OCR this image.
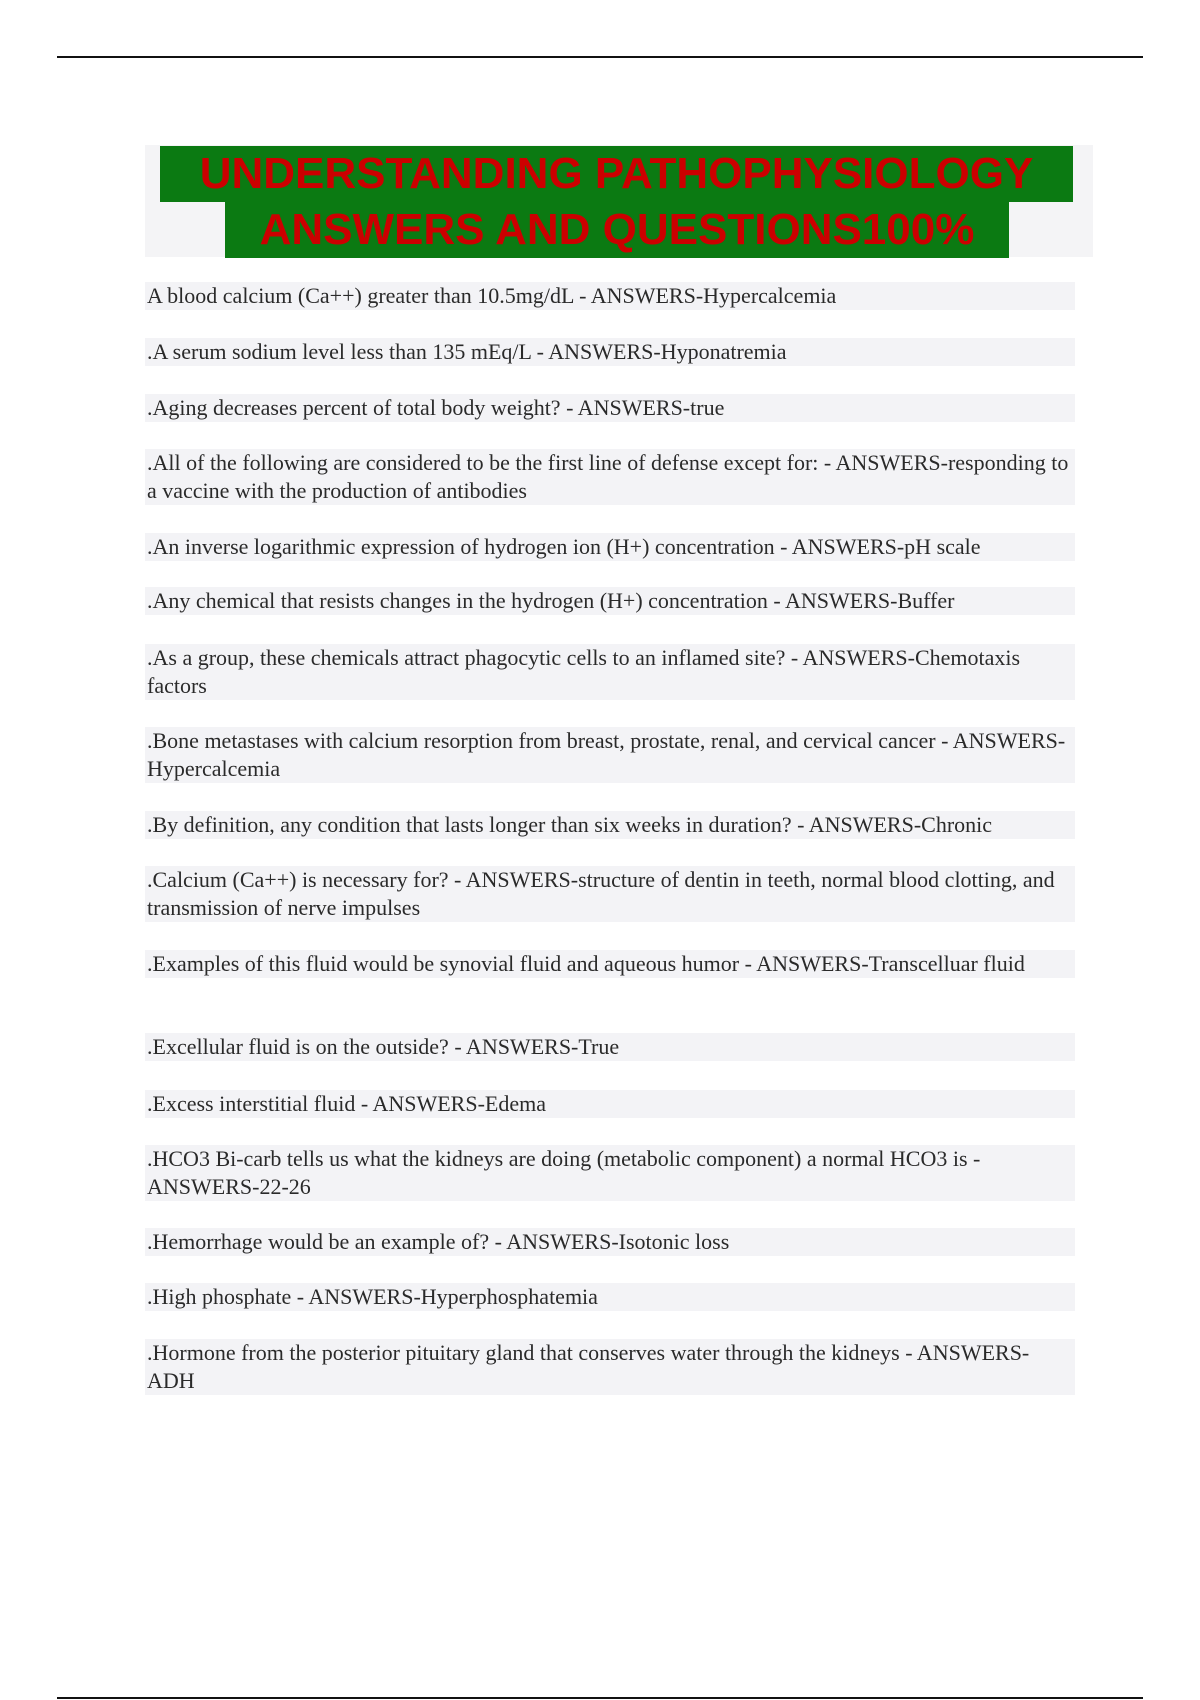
UNDERSTANDING PATHOPHYSIOLOGY
ANSWERS AND QUESTIONS100%
A blood calcium (Ca++) greater than 10.5mg/dL - ANSWERS-Hypercalcemia
.A serum sodium level less than 135 mEq/L - ANSWERS-Hyponatremia
.Aging decreases percent of total body weight? - ANSWERS-true
.All of the following are considered to be the first line of defense except for: - ANSWERS-responding to a vaccine with the production of antibodies
.An inverse logarithmic expression of hydrogen ion (H+) concentration - ANSWERS-pH scale
.Any chemical that resists changes in the hydrogen (H+) concentration - ANSWERS-Buffer
.As a group, these chemicals attract phagocytic cells to an inflamed site? - ANSWERS-Chemotaxis factors
.Bone metastases with calcium resorption from breast, prostate, renal, and cervical cancer - ANSWERS-Hypercalcemia
.By definition, any condition that lasts longer than six weeks in duration? - ANSWERS-Chronic
.Calcium (Ca++) is necessary for? - ANSWERS-structure of dentin in teeth, normal blood clotting, and transmission of nerve impulses
.Examples of this fluid would be synovial fluid and aqueous humor - ANSWERS-Transcelluar fluid
.Excellular fluid is on the outside? - ANSWERS-True
.Excess interstitial fluid - ANSWERS-Edema
.HCO3 Bi-carb tells us what the kidneys are doing (metabolic component) a normal HCO3 is - ANSWERS-22-26
.Hemorrhage would be an example of? - ANSWERS-Isotonic loss
.High phosphate - ANSWERS-Hyperphosphatemia
.Hormone from the posterior pituitary gland that conserves water through the kidneys - ANSWERS-ADH
